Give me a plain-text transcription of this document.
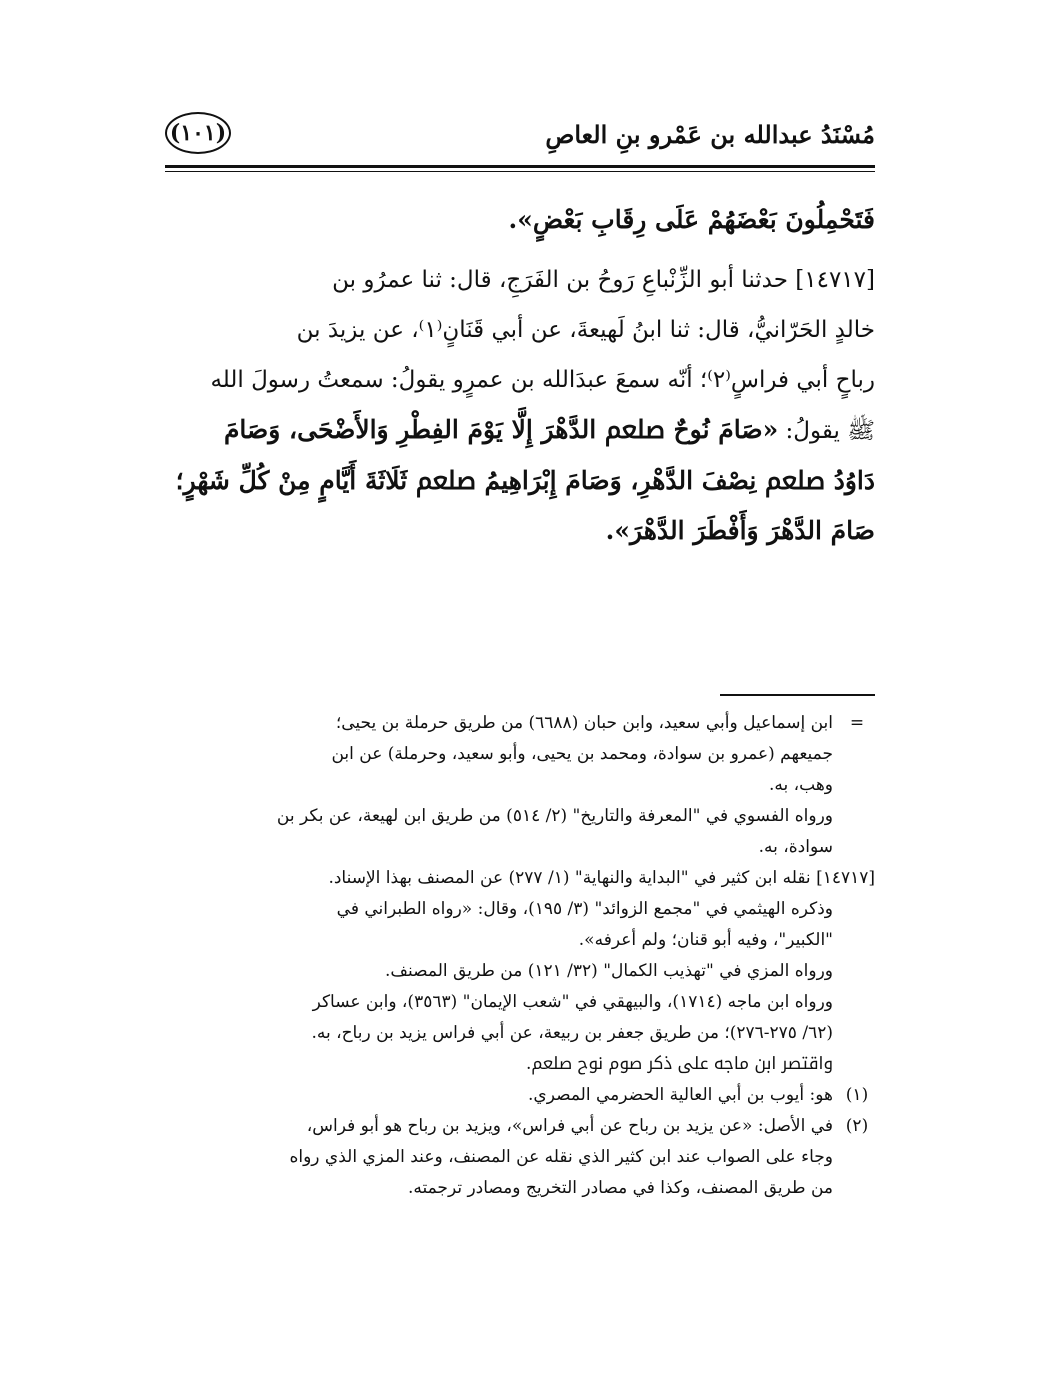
مُسْنَدُ عبدالله بن عَمْرو بنِ العاصِ
(١٠١)

فَتَحْمِلُونَ بَعْضَهُمْ عَلَى رِقَابِ بَعْضٍ».

[١٤٧١٧] حدثنا أبو الزِّنْباعِ رَوحُ بن الفَرَجِ، قال: ثنا عمرُو بن
خالدٍ الحَرّانيُّ، قال: ثنا ابنُ لَهيعةَ، عن أبي قَنَانٍ⁽١⁾، عن يزيدَ بن
رباحٍ أبي فراسٍ⁽٢⁾؛ أنّه سمعَ عبدَالله بن عمرٍو يقولُ: سمعتُ رسولَ الله
ﷺ يقولُ: «صَامَ نُوحٌ ﷵ الدَّهْرَ إِلَّا يَوْمَ الفِطْرِ وَالأَضْحَى، وَصَامَ
دَاوُدُ ﷵ نِصْفَ الدَّهْرِ، وَصَامَ إِبْرَاهِيمُ ﷵ ثَلَاثَةَ أَيَّامٍ مِنْ كُلِّ شَهْرٍ؛
صَامَ الدَّهْرَ وَأَفْطَرَ الدَّهْرَ».
=
ابن إسماعيل وأبي سعيد، وابن حبان (٦٦٨٨) من طريق حرملة بن يحيى؛
جميعهم (عمرو بن سوادة، ومحمد بن يحيى، وأبو سعيد، وحرملة) عن ابن
وهب، به.
ورواه الفسوي في "المعرفة والتاريخ" (٢/ ٥١٤) من طريق ابن لهيعة، عن بكر بن
سوادة، به.
[١٤٧١٧] نقله ابن كثير في "البداية والنهاية" (١/ ٢٧٧) عن المصنف بهذا الإسناد.
وذكره الهيثمي في "مجمع الزوائد" (٣/ ١٩٥)، وقال: «رواه الطبراني في
"الكبير"، وفيه أبو قنان؛ ولم أعرفه».
ورواه المزي في "تهذيب الكمال" (٣٢/ ١٢١) من طريق المصنف.
ورواه ابن ماجه (١٧١٤)، والبيهقي في "شعب الإيمان" (٣٥٦٣)، وابن عساكر
(٦٢/ ٢٧٥-٢٧٦)؛ من طريق جعفر بن ربيعة، عن أبي فراس يزيد بن رباح، به.
واقتصر ابن ماجه على ذكر صوم نوح ﷵ.
(١)
هو: أيوب بن أبي العالية الحضرمي المصري.
(٢)
في الأصل: «عن يزيد بن رباح عن أبي فراس»، ويزيد بن رباح هو أبو فراس،
وجاء على الصواب عند ابن كثير الذي نقله عن المصنف، وعند المزي الذي رواه
من طريق المصنف، وكذا في مصادر التخريج ومصادر ترجمته.
